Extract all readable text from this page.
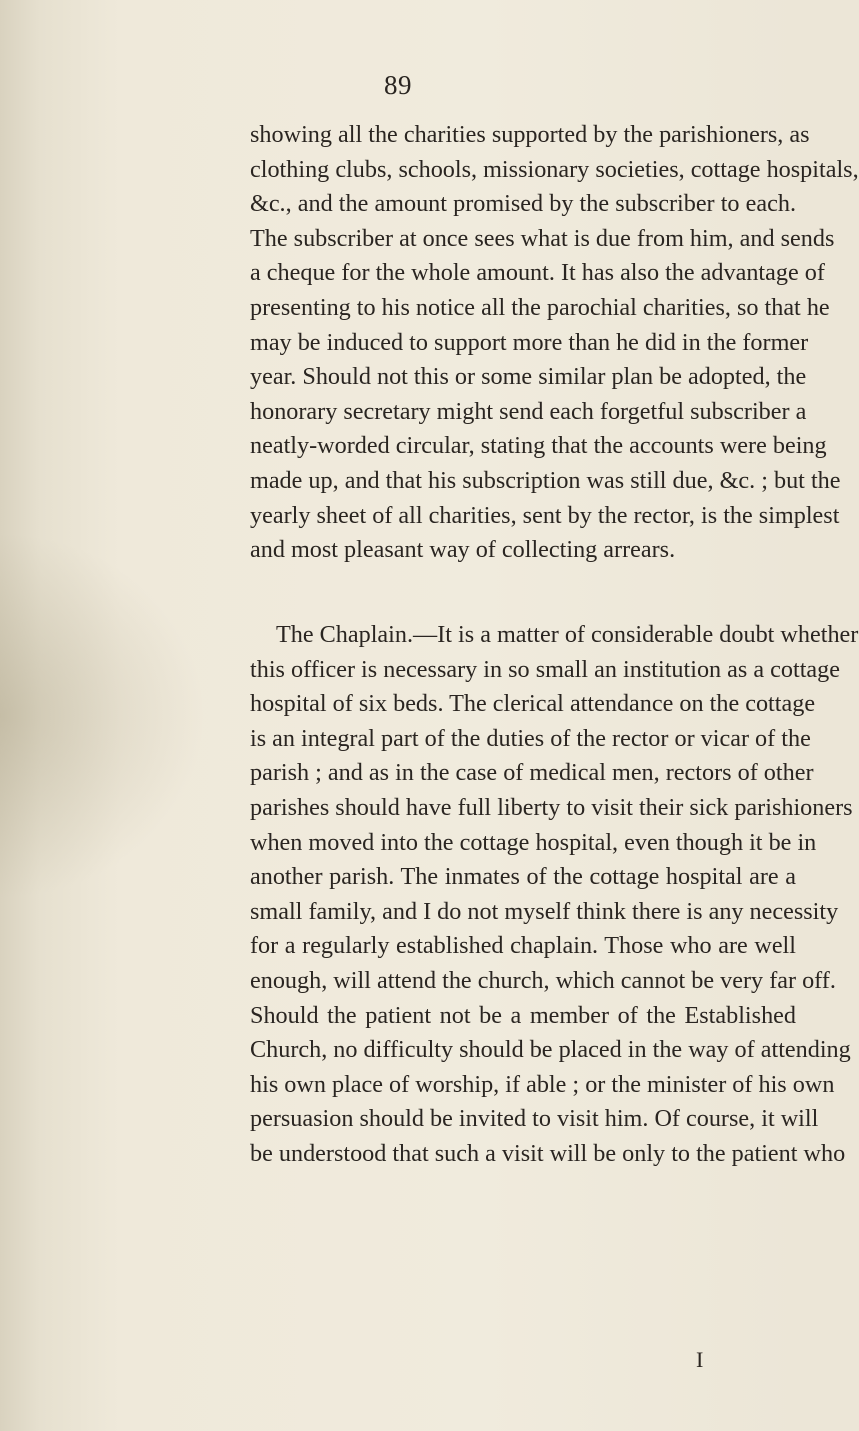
89

showing all the charities supported by the parishioners, as
clothing clubs, schools, missionary societies, cottage hospitals,
&c., and the amount promised by the subscriber to each.
The subscriber at once sees what is due from him, and sends
a cheque for the whole amount. It has also the advantage of
presenting to his notice all the parochial charities, so that he
may be induced to support more than he did in the former
year. Should not this or some similar plan be adopted, the
honorary secretary might send each forgetful subscriber a
neatly-worded circular, stating that the accounts were being
made up, and that his subscription was still due, &c. ; but the
yearly sheet of all charities, sent by the rector, is the simplest
and most pleasant way of collecting arrears.

The Chaplain.—It is a matter of considerable doubt whether
this officer is necessary in so small an institution as a cottage
hospital of six beds. The clerical attendance on the cottage
is an integral part of the duties of the rector or vicar of the
parish ; and as in the case of medical men, rectors of other
parishes should have full liberty to visit their sick parishioners
when moved into the cottage hospital, even though it be in
another parish. The inmates of the cottage hospital are a
small family, and I do not myself think there is any necessity
for a regularly established chaplain. Those who are well
enough, will attend the church, which cannot be very far off.
Should the patient not be a member of the Established
Church, no difficulty should be placed in the way of attending
his own place of worship, if able ; or the minister of his own
persuasion should be invited to visit him. Of course, it will
be understood that such a visit will be only to the patient who

I
